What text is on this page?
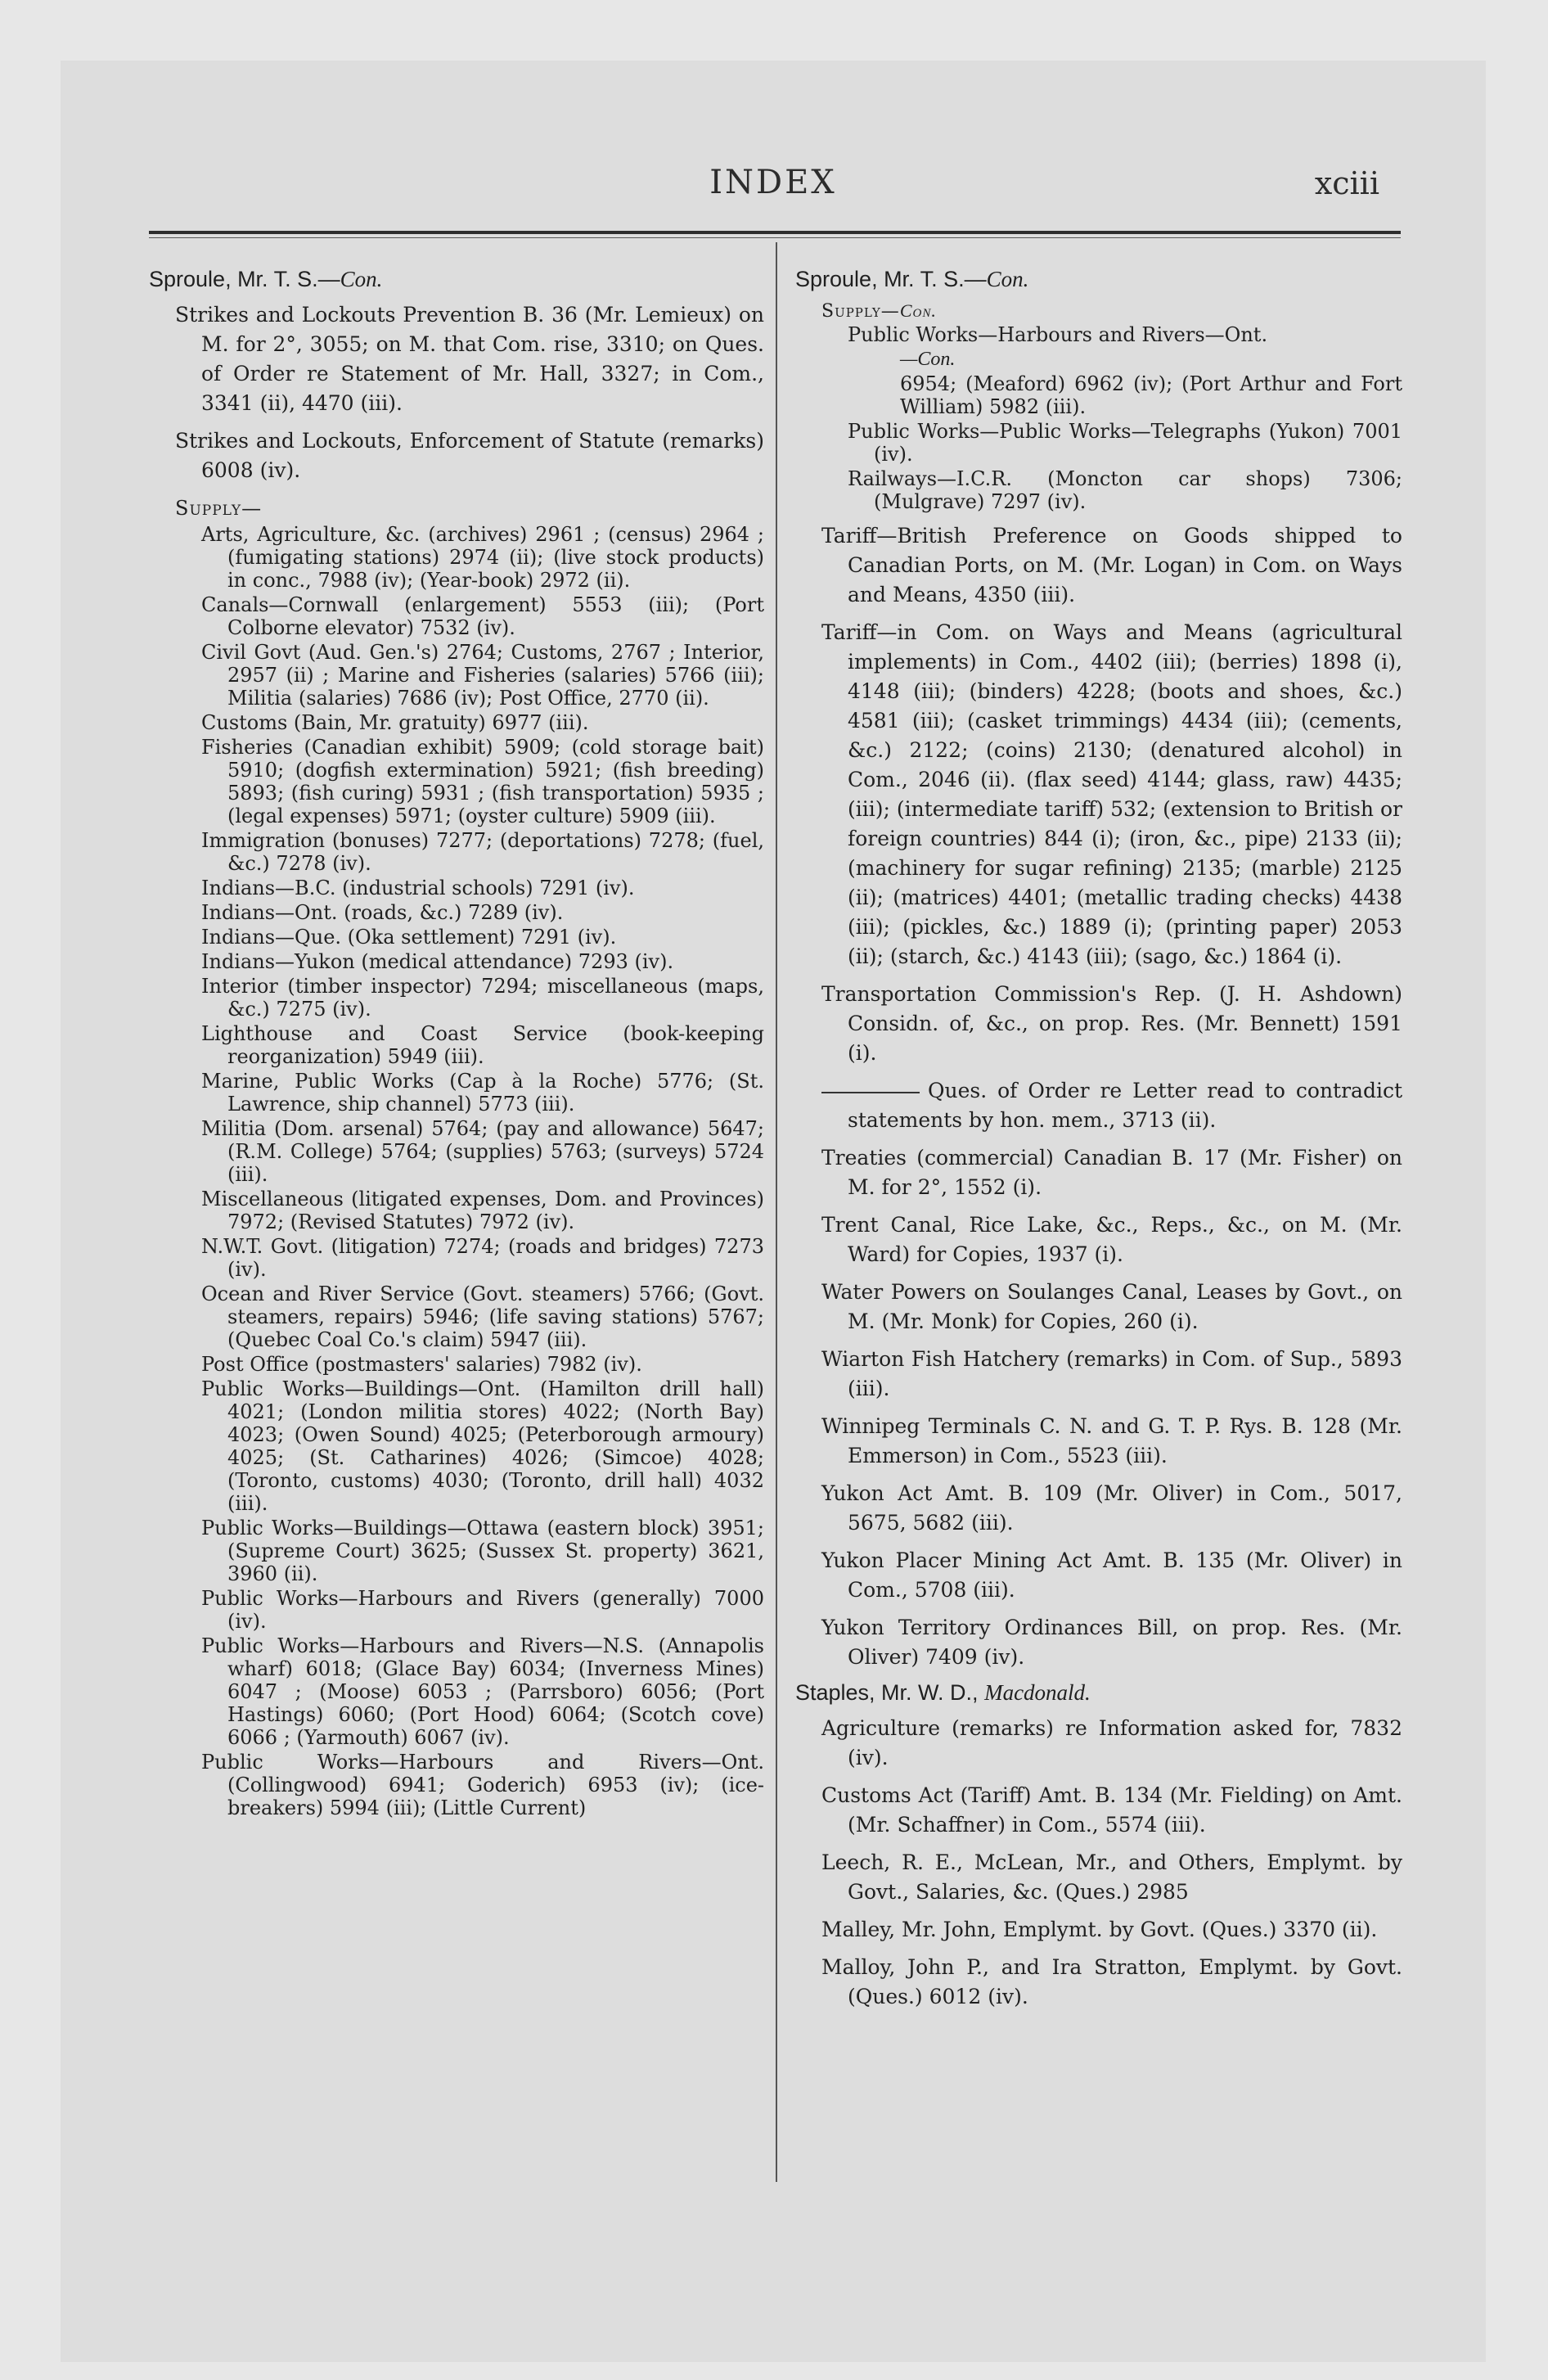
INDEX	xciii
Sproule, Mr. T. S.—Con.

Strikes and Lockouts Prevention B. 36 (Mr. Lemieux) on M. for 2°, 3055; on M. that Com. rise, 3310; on Ques. of Order re Statement of Mr. Hall, 3327; in Com., 3341 (ii), 4470 (iii).

Strikes and Lockouts, Enforcement of Statute (remarks) 6008 (iv).

Supply—

Arts, Agriculture, &c. (archives) 2961 ; (census) 2964 ; (fumigating stations) 2974 (ii); (live stock products) in conc., 7988 (iv); (Year-book) 2972 (ii).

Canals—Cornwall (enlargement) 5553 (iii); (Port Colborne elevator) 7532 (iv).

Civil Govt (Aud. Gen.'s) 2764; Customs, 2767 ; Interior, 2957 (ii) ; Marine and Fisheries (salaries) 5766 (iii); Militia (salaries) 7686 (iv); Post Office, 2770 (ii).

Customs (Bain, Mr. gratuity) 6977 (iii).

Fisheries (Canadian exhibit) 5909; (cold storage bait) 5910; (dogfish extermination) 5921; (fish breeding) 5893; (fish curing) 5931 ; (fish transportation) 5935 ; (legal expenses) 5971; (oyster culture) 5909 (iii).

Immigration (bonuses) 7277; (deportations) 7278; (fuel, &c.) 7278 (iv).

Indians—B.C. (industrial schools) 7291 (iv).

Indians—Ont. (roads, &c.) 7289 (iv).

Indians—Que. (Oka settlement) 7291 (iv).

Indians—Yukon (medical attendance) 7293 (iv).

Interior (timber inspector) 7294; miscellaneous (maps, &c.) 7275 (iv).

Lighthouse and Coast Service (book-keeping reorganization) 5949 (iii).

Marine, Public Works (Cap à la Roche) 5776; (St. Lawrence, ship channel) 5773 (iii).

Militia (Dom. arsenal) 5764; (pay and allowance) 5647; (R.M. College) 5764; (supplies) 5763; (surveys) 5724 (iii).

Miscellaneous (litigated expenses, Dom. and Provinces) 7972; (Revised Statutes) 7972 (iv).

N.W.T. Govt. (litigation) 7274; (roads and bridges) 7273 (iv).

Ocean and River Service (Govt. steamers) 5766; (Govt. steamers, repairs) 5946; (life saving stations) 5767; (Quebec Coal Co.'s claim) 5947 (iii).

Post Office (postmasters' salaries) 7982 (iv).

Public Works—Buildings—Ont. (Hamilton drill hall) 4021; (London militia stores) 4022; (North Bay) 4023; (Owen Sound) 4025; (Peterborough armoury) 4025; (St. Catharines) 4026; (Simcoe) 4028; (Toronto, customs) 4030; (Toronto, drill hall) 4032 (iii).

Public Works—Buildings—Ottawa (eastern block) 3951; (Supreme Court) 3625; (Sussex St. property) 3621, 3960 (ii).

Public Works—Harbours and Rivers (generally) 7000 (iv).

Public Works—Harbours and Rivers—N.S. (Annapolis wharf) 6018; (Glace Bay) 6034; (Inverness Mines) 6047 ; (Moose) 6053 ; (Parrsboro) 6056; (Port Hastings) 6060; (Port Hood) 6064; (Scotch cove) 6066 ; (Yarmouth) 6067 (iv).

Public Works—Harbours and Rivers—Ont. (Collingwood) 6941; Goderich) 6953 (iv); (ice-breakers) 5994 (iii); (Little Current)

Sproule, Mr. T. S.—Con.
Supply—Con.

Public Works—Harbours and Rivers—Ont.

—Con.

6954; (Meaford) 6962 (iv); (Port Arthur and Fort William) 5982 (iii).

Public Works—Public Works—Telegraphs (Yukon) 7001 (iv).

Railways—I.C.R. (Moncton car shops) 7306; (Mulgrave) 7297 (iv).

Tariff—British Preference on Goods shipped to Canadian Ports, on M. (Mr. Logan) in Com. on Ways and Means, 4350 (iii).

Tariff—in Com. on Ways and Means (agricultural implements) in Com., 4402 (iii); (berries) 1898 (i), 4148 (iii); (binders) 4228; (boots and shoes, &c.) 4581 (iii); (casket trimmings) 4434 (iii); (cements, &c.) 2122; (coins) 2130; (denatured alcohol) in Com., 2046 (ii). (flax seed) 4144; glass, raw) 4435; (iii); (intermediate tariff) 532; (extension to British or foreign countries) 844 (i); (iron, &c., pipe) 2133 (ii); (machinery for sugar refining) 2135; (marble) 2125 (ii); (matrices) 4401; (metallic trading checks) 4438 (iii); (pickles, &c.) 1889 (i); (printing paper) 2053 (ii); (starch, &c.) 4143 (iii); (sago, &c.) 1864 (i).

Transportation Commission's Rep. (J. H. Ashdown) Considn. of, &c., on prop. Res. (Mr. Bennett) 1591 (i).

Ques. of Order re Letter read to contradict statements by hon. mem., 3713 (ii).

Treaties (commercial) Canadian B. 17 (Mr. Fisher) on M. for 2°, 1552 (i).

Trent Canal, Rice Lake, &c., Reps., &c., on M. (Mr. Ward) for Copies, 1937 (i).

Water Powers on Soulanges Canal, Leases by Govt., on M. (Mr. Monk) for Copies, 260 (i).

Wiarton Fish Hatchery (remarks) in Com. of Sup., 5893 (iii).

Winnipeg Terminals C. N. and G. T. P. Rys. B. 128 (Mr. Emmerson) in Com., 5523 (iii).

Yukon Act Amt. B. 109 (Mr. Oliver) in Com., 5017, 5675, 5682 (iii).

Yukon Placer Mining Act Amt. B. 135 (Mr. Oliver) in Com., 5708 (iii).

Yukon Territory Ordinances Bill, on prop. Res. (Mr. Oliver) 7409 (iv).

Staples, Mr. W. D., Macdonald.

Agriculture (remarks) re Information asked for, 7832 (iv).

Customs Act (Tariff) Amt. B. 134 (Mr. Fielding) on Amt. (Mr. Schaffner) in Com., 5574 (iii).

Leech, R. E., McLean, Mr., and Others, Emplymt. by Govt., Salaries, &c. (Ques.) 2985

Malley, Mr. John, Emplymt. by Govt. (Ques.) 3370 (ii).

Malloy, John P., and Ira Stratton, Emplymt. by Govt. (Ques.) 6012 (iv).
